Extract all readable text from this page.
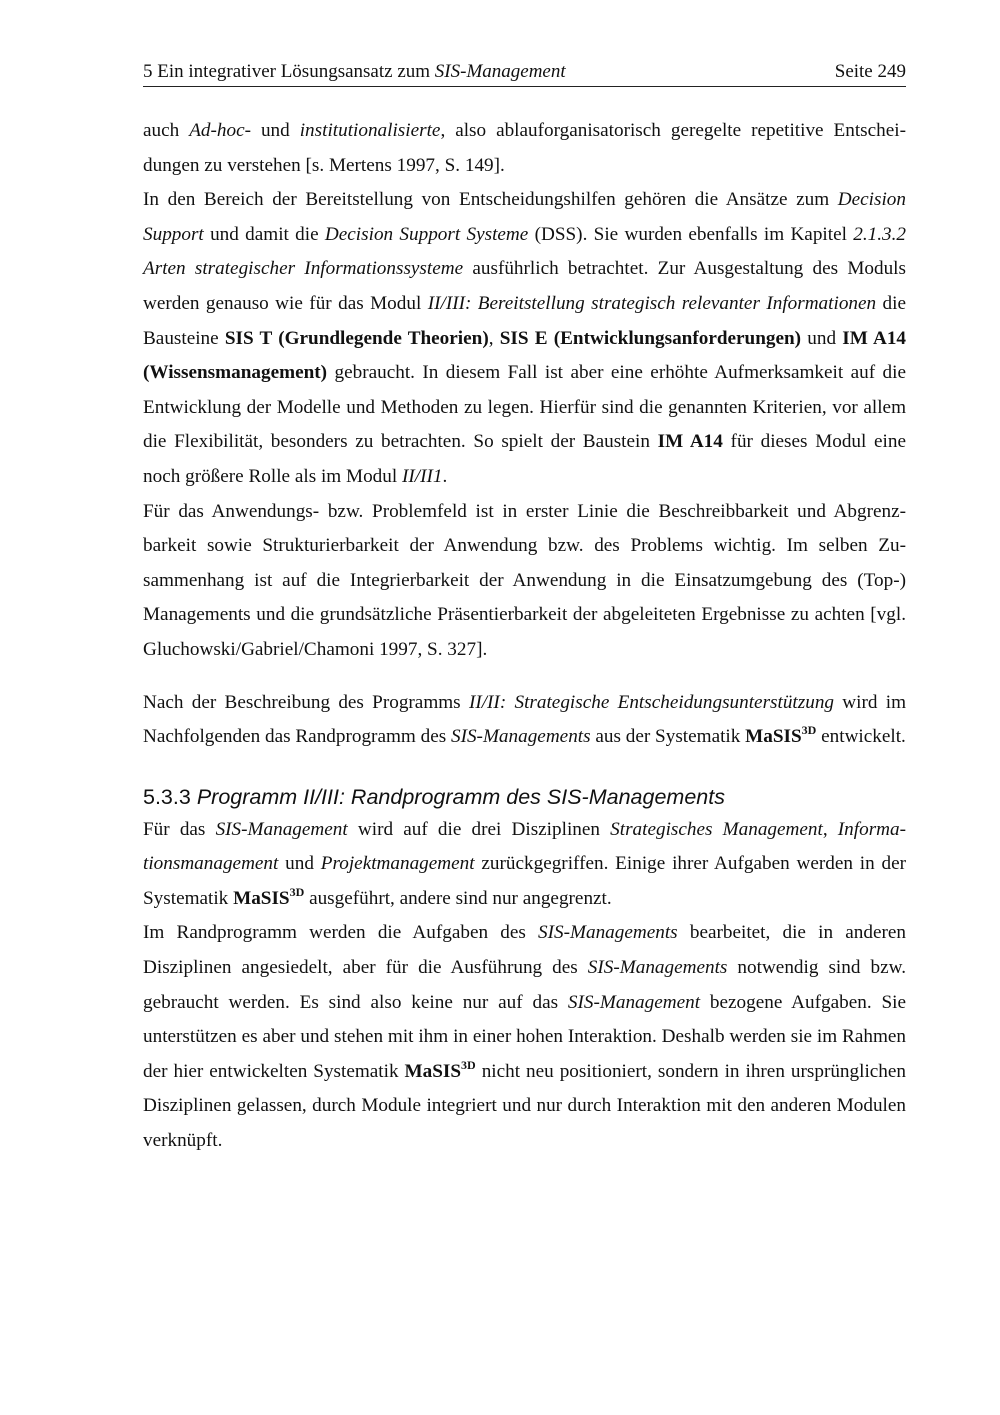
5 Ein integrativer Lösungsansatz zum SIS-Management	Seite 249

auch Ad-hoc- und institutionalisierte, also ablauforganisatorisch geregelte repetitive Entscheidungen zu verstehen [s. Mertens 1997, S. 149].

In den Bereich der Bereitstellung von Entscheidungshilfen gehören die Ansätze zum Decision Support und damit die Decision Support Systeme (DSS). Sie wurden ebenfalls im Kapitel 2.1.3.2 Arten strategischer Informationssysteme ausführlich betrachtet. Zur Ausgestaltung des Moduls werden genauso wie für das Modul II/III: Bereitstellung strategisch relevanter Informationen die Bausteine SIS T (Grundlegende Theorien), SIS E (Entwicklungsanforderungen) und IM A14 (Wissensmanagement) gebraucht. In diesem Fall ist aber eine erhöhte Aufmerksamkeit auf die Entwicklung der Modelle und Methoden zu legen. Hierfür sind die genannten Kriterien, vor allem die Flexibilität, besonders zu betrachten. So spielt der Baustein IM A14 für dieses Modul eine noch größere Rolle als im Modul II/II1.

Für das Anwendungs- bzw. Problemfeld ist in erster Linie die Beschreibbarkeit und Abgrenzbarkeit sowie Strukturierbarkeit der Anwendung bzw. des Problems wichtig. Im selben Zusammenhang ist auf die Integrierbarkeit der Anwendung in die Einsatzumgebung des (Top-) Managements und die grundsätzliche Präsentierbarkeit der abgeleiteten Ergebnisse zu achten [vgl. Gluchowski/Gabriel/Chamoni 1997, S. 327].

Nach der Beschreibung des Programms II/II: Strategische Entscheidungsunterstützung wird im Nachfolgenden das Randprogramm des SIS-Managements aus der Systematik MaSIS$^{3D}$ entwickelt.

5.3.3 Programm II/III: Randprogramm des SIS-Managements

Für das SIS-Management wird auf die drei Disziplinen Strategisches Management, Informationsmanagement und Projektmanagement zurückgegriffen. Einige ihrer Aufgaben werden in der Systematik MaSIS$^{3D}$ ausgeführt, andere sind nur angegrenzt.

Im Randprogramm werden die Aufgaben des SIS-Managements bearbeitet, die in anderen Disziplinen angesiedelt, aber für die Ausführung des SIS-Managements notwendig sind bzw. gebraucht werden. Es sind also keine nur auf das SIS-Management bezogene Aufgaben. Sie unterstützen es aber und stehen mit ihm in einer hohen Interaktion. Deshalb werden sie im Rahmen der hier entwickelten Systematik MaSIS$^{3D}$ nicht neu positioniert, sondern in ihren ursprünglichen Disziplinen gelassen, durch Module integriert und nur durch Interaktion mit den anderen Modulen verknüpft.
